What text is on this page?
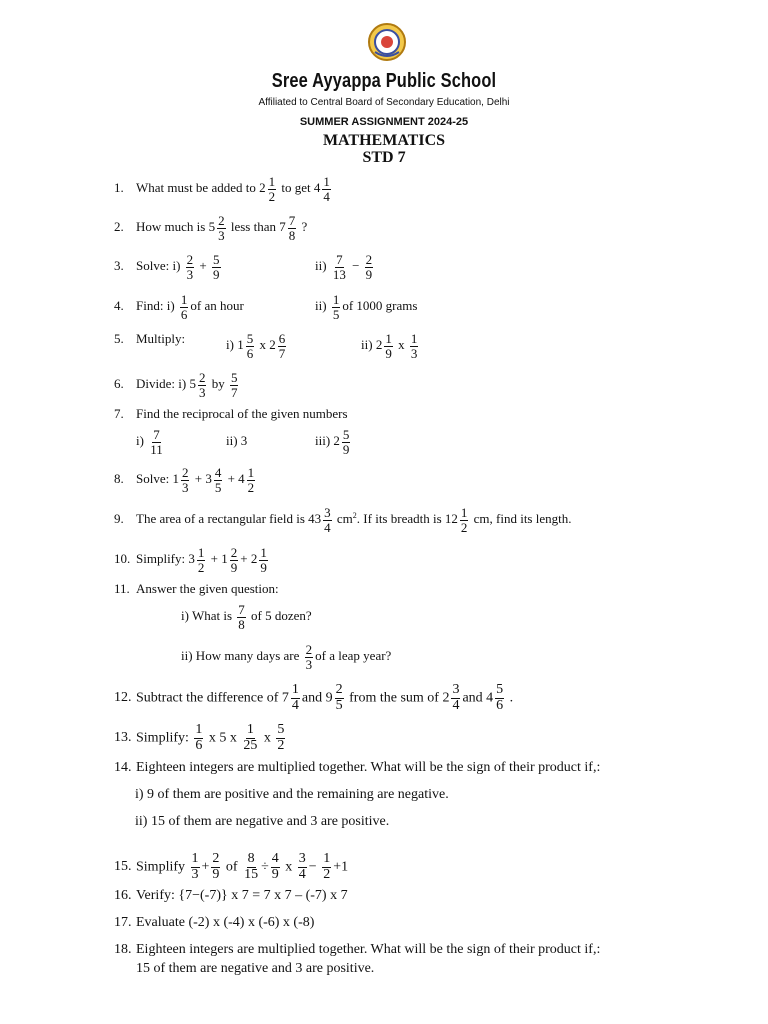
Sree Ayyappa Public School
Affiliated to Central Board of Secondary Education, Delhi
SUMMER ASSIGNMENT 2024-25
MATHEMATICS
STD 7
1. What must be added to $2 \frac{1}{2}$ to get $4 \frac{1}{4}$
2. How much is $5 \frac{2}{3}$ less than $7 \frac{7}{8}$ ?
3. Solve: $i) \frac{2}{3} + \frac{5}{9}$	$ii) \frac{7}{13} - \frac{2}{9}$
4. Find: $i) \frac{1}{6}$ of an hour	$ii) \frac{1}{5}$ of 1000 grams
5. Multiply:	i) $1 \frac{5}{6}$ x $2 \frac{6}{7}$	ii) $2 \frac{1}{9}$ x $\frac{1}{3}$
6. Divide: i) $5 \frac{2}{3}$ by $\frac{5}{7}$
7. Find the reciprocal of the given numbers
$i) \frac{7}{11}$	ii) 3	iii) $2 \frac{5}{9}$
8. Solve: $1 \frac{2}{3} + 3 \frac{4}{5} + 4 \frac{1}{2}$
9. The area of a rectangular field is $43 \frac{3}{4} cm^2$. If its breadth is $12 \frac{1}{2}$ cm, find its length.
10. Simplify: $3 \frac{1}{2} + 1 \frac{2}{9} + 2 \frac{1}{9}$
11. Answer the given question:
i) What is $\frac{7}{8}$ of 5 dozen?
ii) How many days are $\frac{2}{3}$ of a leap year?
12. Subtract the difference of $7 \frac{1}{4}$ and $9 \frac{2}{5}$ from the sum of $2 \frac{3}{4}$ and $4 \frac{5}{6}$ .
13. Simplify: $\frac{1}{6}$ x 5 x $\frac{1}{25}$ x $\frac{5}{2}$
14. Eighteen integers are multiplied together. What will be the sign of their product if,:
i) 9 of them are positive and the remaining are negative.
ii) 15 of them are negative and 3 are positive.
15. Simplify $\frac{1}{3} + \frac{2}{9}$ of $\frac{8}{15} \div \frac{4}{9}$ x $\frac{3}{4} - \frac{1}{2} +1$
16. Verify: {7−(-7)} x 7 = 7 x 7 – (-7) x 7
17. Evaluate (-2) x (-4) x (-6) x (-8)
18. Eighteen integers are multiplied together. What will be the sign of their product if,:
15 of them are negative and 3 are positive.
